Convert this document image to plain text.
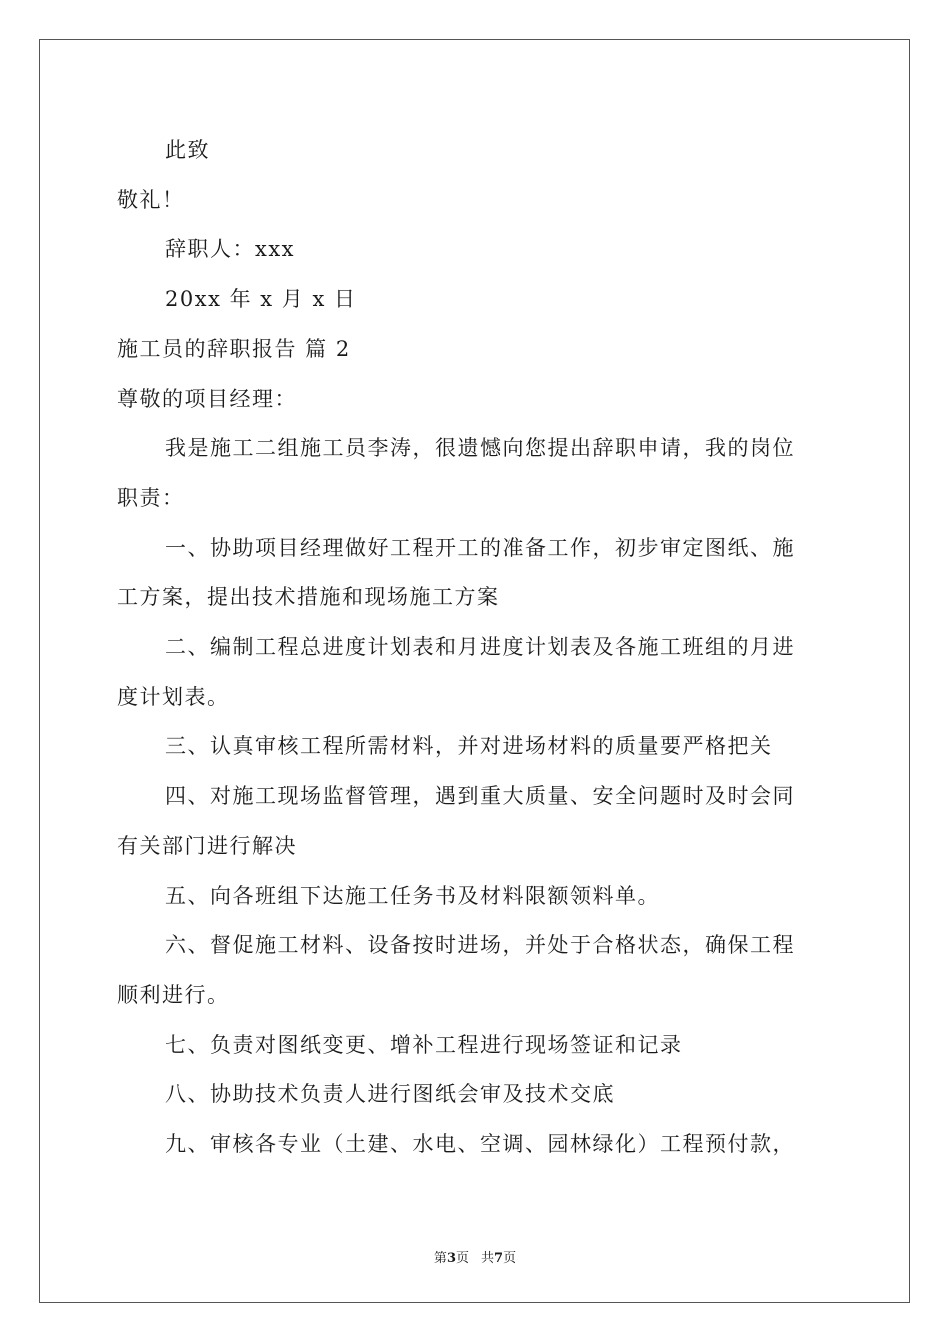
此致

敬礼！

辞职人：xxx

20xx 年 x 月 x 日

施工员的辞职报告 篇 2

尊敬的项目经理：

我是施工二组施工员李涛，很遗憾向您提出辞职申请，我的岗位

职责：

一、协助项目经理做好工程开工的准备工作，初步审定图纸、施

工方案，提出技术措施和现场施工方案

二、编制工程总进度计划表和月进度计划表及各施工班组的月进

度计划表。

三、认真审核工程所需材料，并对进场材料的质量要严格把关

四、对施工现场监督管理，遇到重大质量、安全问题时及时会同

有关部门进行解决

五、向各班组下达施工任务书及材料限额领料单。

六、督促施工材料、设备按时进场，并处于合格状态，确保工程

顺利进行。

七、负责对图纸变更、增补工程进行现场签证和记录

八、协助技术负责人进行图纸会审及技术交底

九、审核各专业（土建、水电、空调、园林绿化）工程预付款，

第3页 共7页
